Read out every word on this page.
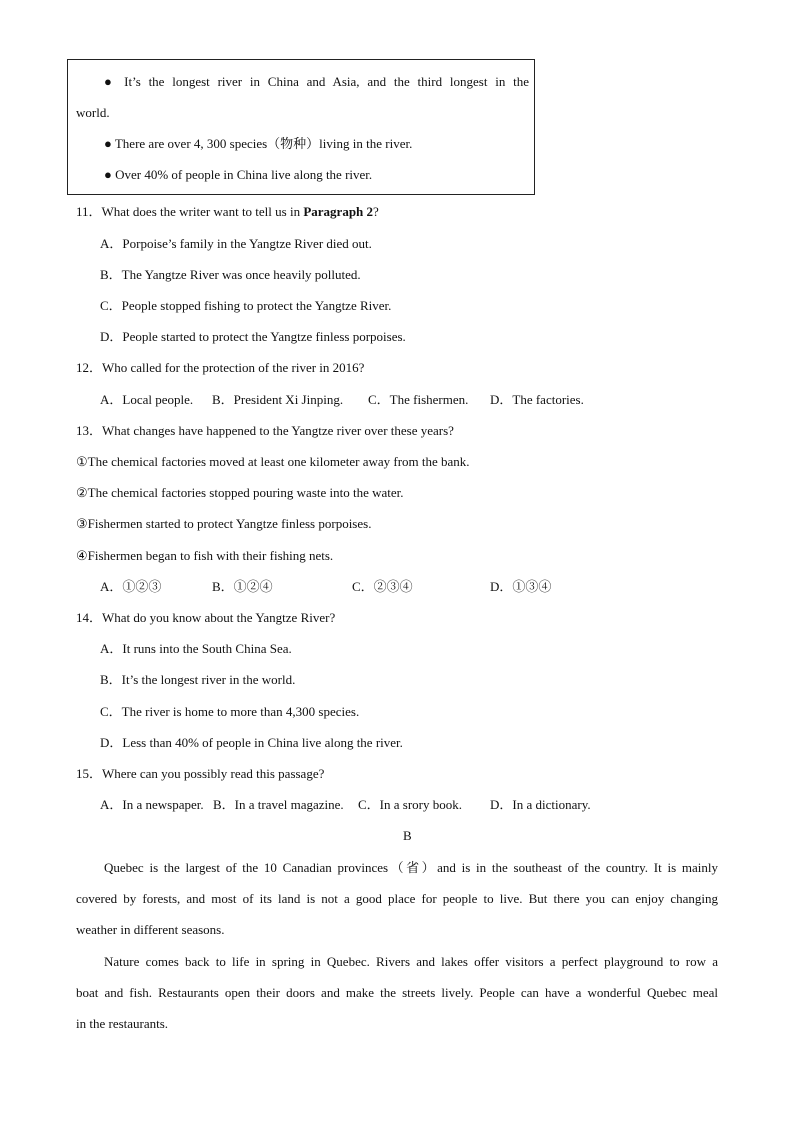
● It’s the longest river in China and Asia, and the third longest in the
world.
● There are over 4, 300 species（物种）living in the river.
● Over 40% of people in China live along the river.
11．What does the writer want to tell us in Paragraph 2?
A．Porpoise’s family in the Yangtze River died out.
B．The Yangtze River was once heavily polluted.
C．People stopped fishing to protect the Yangtze River.
D．People started to protect the Yangtze finless porpoises.
12．Who called for the protection of the river in 2016?
A．Local people. B．President Xi Jinping. C．The fishermen. D．The factories.
13．What changes have happened to the Yangtze river over these years?
①The chemical factories moved at least one kilometer away from the bank.
②The chemical factories stopped pouring waste into the water.
③Fishermen started to protect Yangtze finless porpoises.
④Fishermen began to fish with their fishing nets.
A．①②③	B．①②④	C．②③④	D．①③④
14．What do you know about the Yangtze River?
A．It runs into the South China Sea.
B．It’s the longest river in the world.
C．The river is home to more than 4,300 species.
D．Less than 40% of people in China live along the river.
15．Where can you possibly read this passage?
A．In a newspaper. B．In a travel magazine. C．In a srory book. D．In a dictionary.
B
Quebec is the largest of the 10 Canadian provinces（省）and is in the southeast of the country. It is mainly
covered by forests, and most of its land is not a good place for people to live. But there you can enjoy changing
weather in different seasons.
Nature comes back to life in spring in Quebec. Rivers and lakes offer visitors a perfect playground to row a
boat and fish. Restaurants open their doors and make the streets lively. People can have a wonderful Quebec meal
in the restaurants.
